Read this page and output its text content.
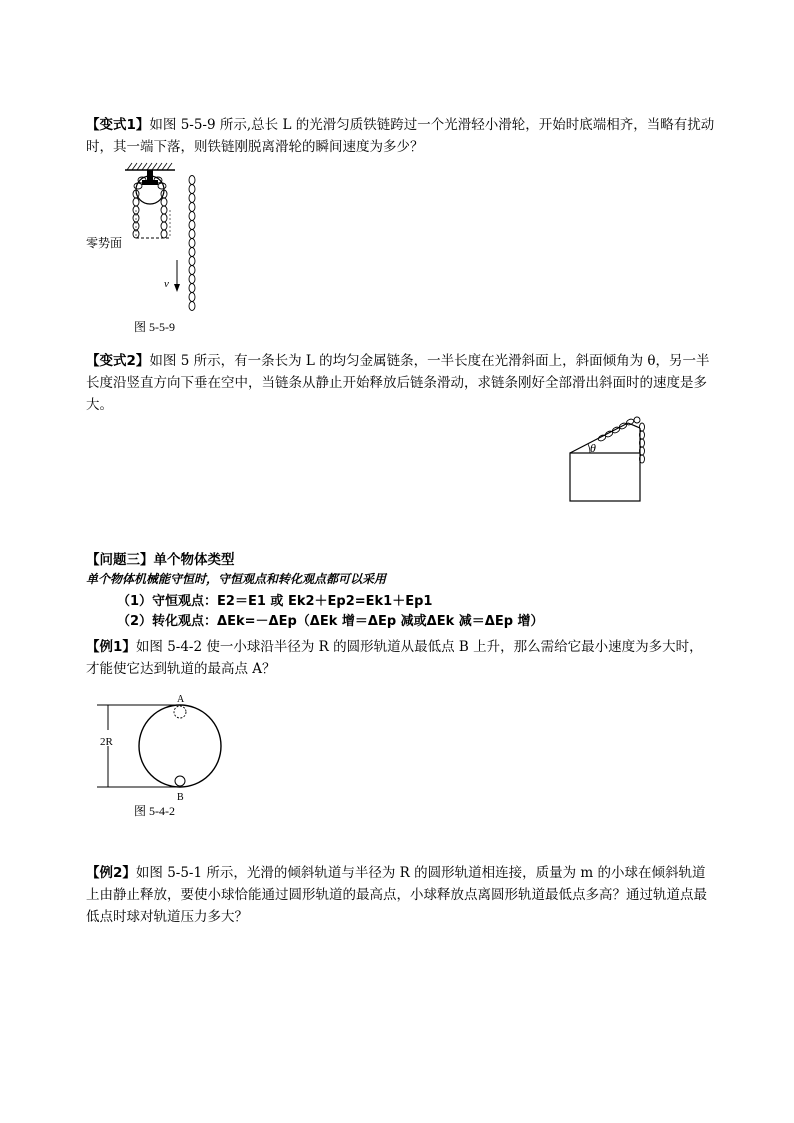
【变式1】如图 5-5-9 所示,总长 L 的光滑匀质铁链跨过一个光滑轻小滑轮，开始时底端相齐，当略有扰动时，其一端下落，则铁链刚脱离滑轮的瞬间速度为多少？
零势面
v
图 5-5-9
【变式2】如图 5 所示，有一条长为 L 的均匀金属链条，一半长度在光滑斜面上，斜面倾角为 θ，另一半长度沿竖直方向下垂在空中，当链条从静止开始释放后链条滑动，求链条刚好全部滑出斜面时的速度是多大。
θ
【问题三】单个物体类型
单个物体机械能守恒时，守恒观点和转化观点都可以采用
（1）守恒观点：E2＝E1 或 Ek2＋Ep2=Ek1＋Ep1
（2）转化观点：ΔEk=－ΔEp（ΔEk 增＝ΔEp 减或ΔEk 减＝ΔEp 增）
【例1】如图 5-4-2 使一小球沿半径为 R 的圆形轨道从最低点 B 上升，那么需给它最小速度为多大时，才能使它达到轨道的最高点 A？
A
B
2R
图 5-4-2
【例2】如图 5-5-1 所示，光滑的倾斜轨道与半径为 R 的圆形轨道相连接，质量为 m 的小球在倾斜轨道上由静止释放，要使小球恰能通过圆形轨道的最高点，小球释放点离圆形轨道最低点多高？通过轨道点最低点时球对轨道压力多大？
